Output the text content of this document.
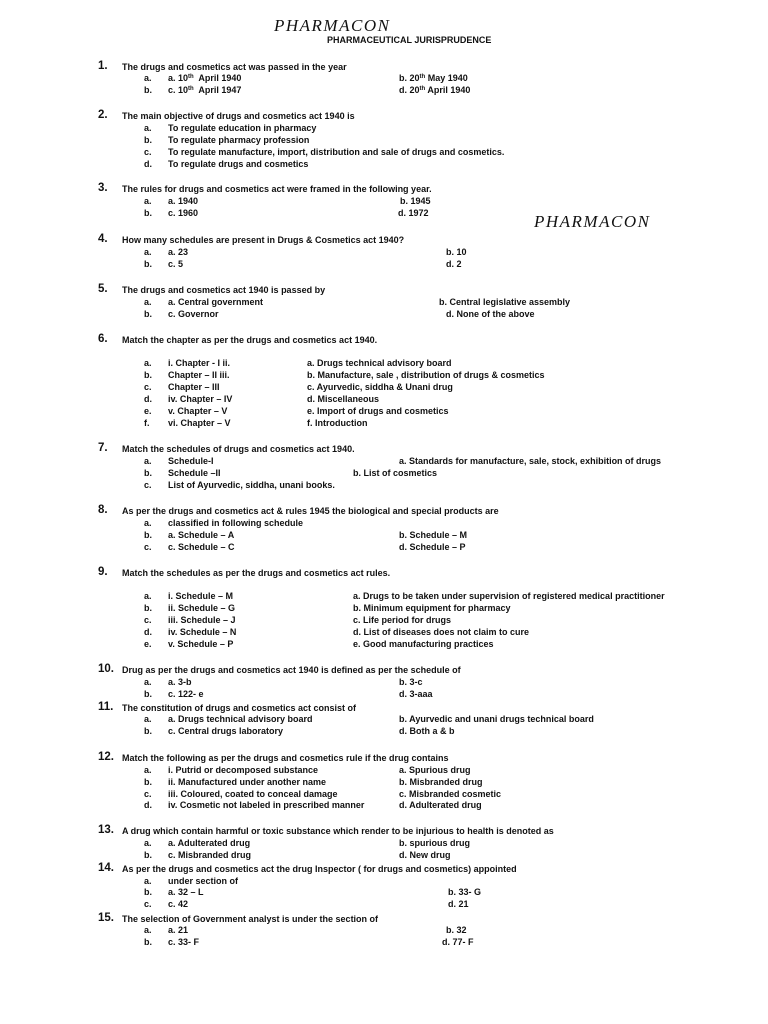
PHARMACON
PHARMACEUTICAL JURISPRUDENCE
PHARMACON
1. The drugs and cosmetics act was passed in the year
a. a. 10th April 1940	b. 20th May 1940
b. c. 10th April 1947	d. 20th April 1940
2. The main objective of drugs and cosmetics act 1940 is
a. To regulate education in pharmacy
b. To regulate pharmacy profession
c. To regulate manufacture, import, distribution and sale of drugs and cosmetics.
d. To regulate drugs and cosmetics
3. The rules for drugs and cosmetics act were framed in the following year.
a. a. 1940	b. 1945
b. c. 1960	d. 1972
4. How many schedules are present in Drugs & Cosmetics act 1940?
a. a. 23	b. 10
b. c. 5	d. 2
5. The drugs and cosmetics act 1940 is passed by
a. a. Central government	b. Central legislative assembly
b. c. Governor	d. None of the above
6. Match the chapter as per the drugs and cosmetics act 1940.
a. i. Chapter - I ii.	a. Drugs technical advisory board
b. Chapter – II iii.	b. Manufacture, sale , distribution of drugs & cosmetics
c. Chapter – III	c. Ayurvedic, siddha & Unani drug
d. iv. Chapter – IV	d. Miscellaneous
e. v. Chapter – V	e. Import of drugs and cosmetics
f. vi. Chapter – V	f. Introduction
7. Match the schedules of drugs and cosmetics act 1940.
a. Schedule-I	a. Standards for manufacture, sale, stock, exhibition of drugs
b. Schedule –II	b. List of cosmetics
c. List of Ayurvedic, siddha, unani books.
8. As per the drugs and cosmetics act & rules 1945 the biological and special products are
a. classified in following schedule
b. a. Schedule – A	b. Schedule – M
c. c. Schedule – C	d. Schedule – P
9. Match the schedules as per the drugs and cosmetics act rules.
a. i. Schedule – M	a. Drugs to be taken under supervision of registered medical practitioner
b. ii. Schedule – G	b. Minimum equipment for pharmacy
c. iii. Schedule – J	c. Life period for drugs
d. iv. Schedule – N	d. List of diseases does not claim to cure
e. v. Schedule – P	e. Good manufacturing practices
10. Drug as per the drugs and cosmetics act 1940 is defined as per the schedule of
a. a. 3-b	b. 3-c
b. c. 122- e	d. 3-aaa
11. The constitution of drugs and cosmetics act consist of
a. a. Drugs technical advisory board	b. Ayurvedic and unani drugs technical board
b. c. Central drugs laboratory	d. Both a & b
12. Match the following as per the drugs and cosmetics rule if the drug contains
a. i. Putrid or decomposed substance	a. Spurious drug
b. ii. Manufactured under another name	b. Misbranded drug
c. iii. Coloured, coated to conceal damage	c. Misbranded cosmetic
d. iv. Cosmetic not labeled in prescribed manner	d. Adulterated drug
13. A drug which contain harmful or toxic substance which render to be injurious to health is denoted as
a. a. Adulterated drug	b. spurious drug
b. c. Misbranded drug	d. New drug
14. As per the drugs and cosmetics act the drug Inspector ( for drugs and cosmetics) appointed
a. under section of
b. a. 32 – L	b. 33- G
c. c. 42	d. 21
15. The selection of Government analyst is under the section of
a. a. 21	b. 32
b. c. 33- F	d. 77- F
